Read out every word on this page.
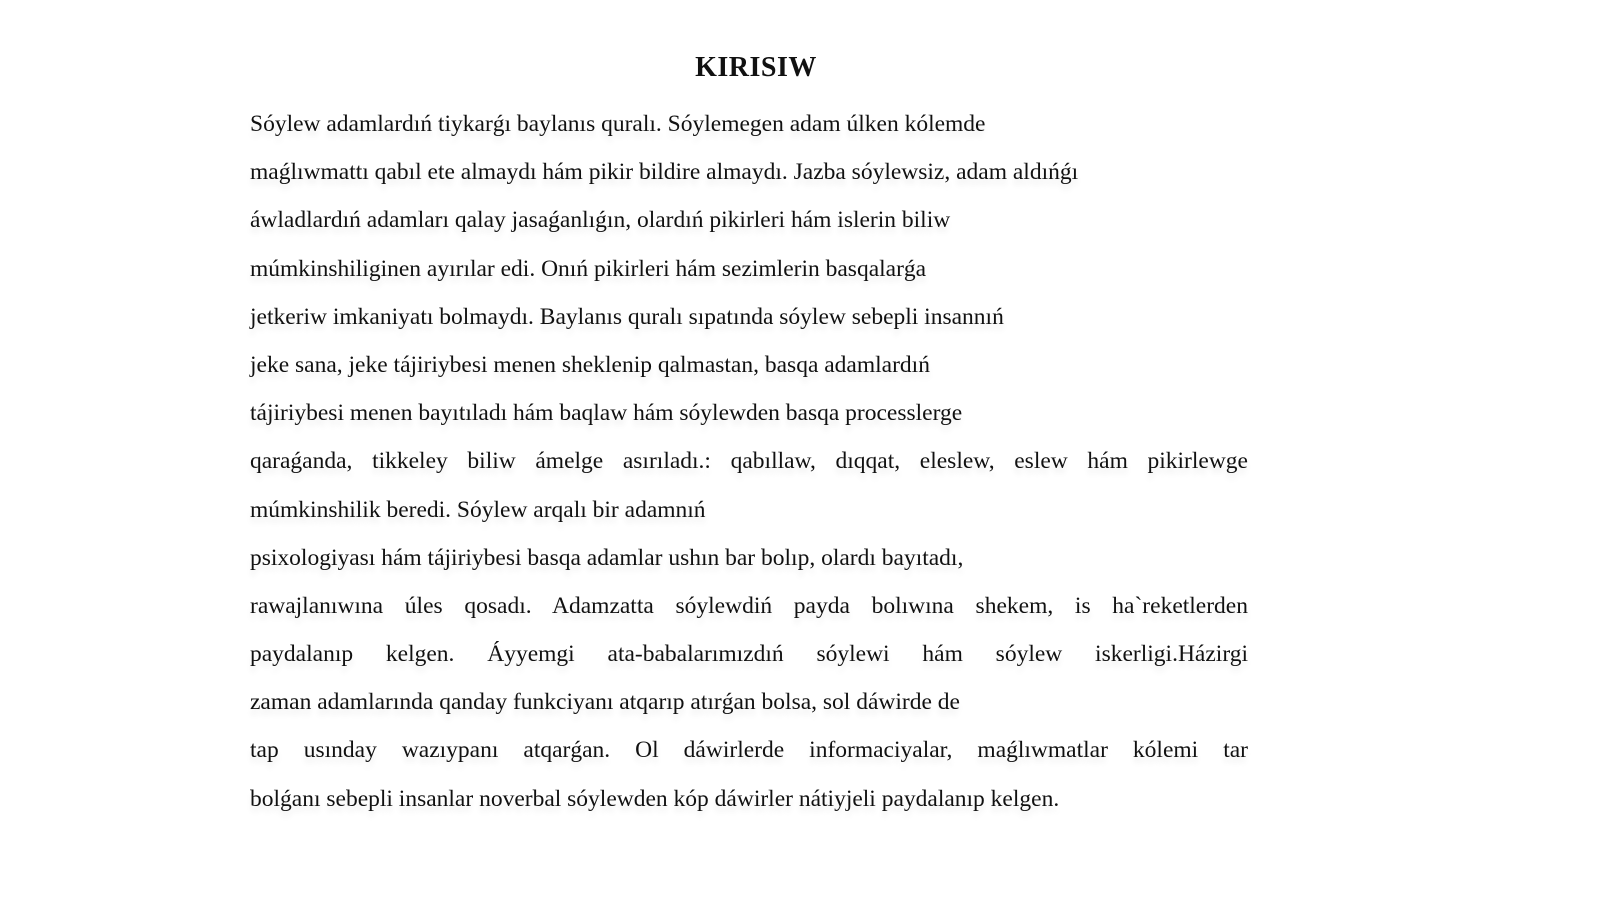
KIRISIW
Sóylew adamlardıń tiykarǵı baylanıs quralı. Sóylemegen adam úlken kólemde
maǵlıwmattı qabıl ete almaydı hám pikir bildire almaydı. Jazba sóylewsiz, adam aldıńǵı
áwladlardıń adamları qalay jasaǵanlıǵın, olardıń pikirleri hám islerin biliw
múmkinshiliginen ayırılar edi. Onıń pikirleri hám sezimlerin basqalarǵa
jetkeriw imkaniyatı bolmaydı. Baylanıs quralı sıpatında sóylew sebepli insannıń
jeke sana, jeke tájiriybesi menen sheklenip qalmastan, basqa adamlardıń
tájiriybesi menen bayıtıladı hám baqlaw hám sóylewden basqa processlerge
qaraǵanda, tikkeley biliw ámelge asırıladı.: qabıllaw, dıqqat, eleslew, eslew hám pikirlewge
múmkinshilik beredi. Sóylew arqalı bir adamnıń
psixologiyası hám tájiriybesi basqa adamlar ushın bar bolıp, olardı bayıtadı,
rawajlanıwına úles qosadı. Adamzatta sóylewdiń payda bolıwına shekem, is ha`reketlerden
paydalanıp kelgen. Áyyemgi ata-babalarımızdıń sóylewi hám sóylew iskerligi.Házirgi
zaman adamlarında qanday funkciyanı atqarıp atırǵan bolsa, sol dáwirde de
tap usınday wazıypanı atqarǵan. Ol dáwirlerde informaciyalar, maǵlıwmatlar kólemi tar
bolǵanı sebepli insanlar noverbal sóylewden kóp dáwirler nátiyjeli paydalanıp kelgen.
